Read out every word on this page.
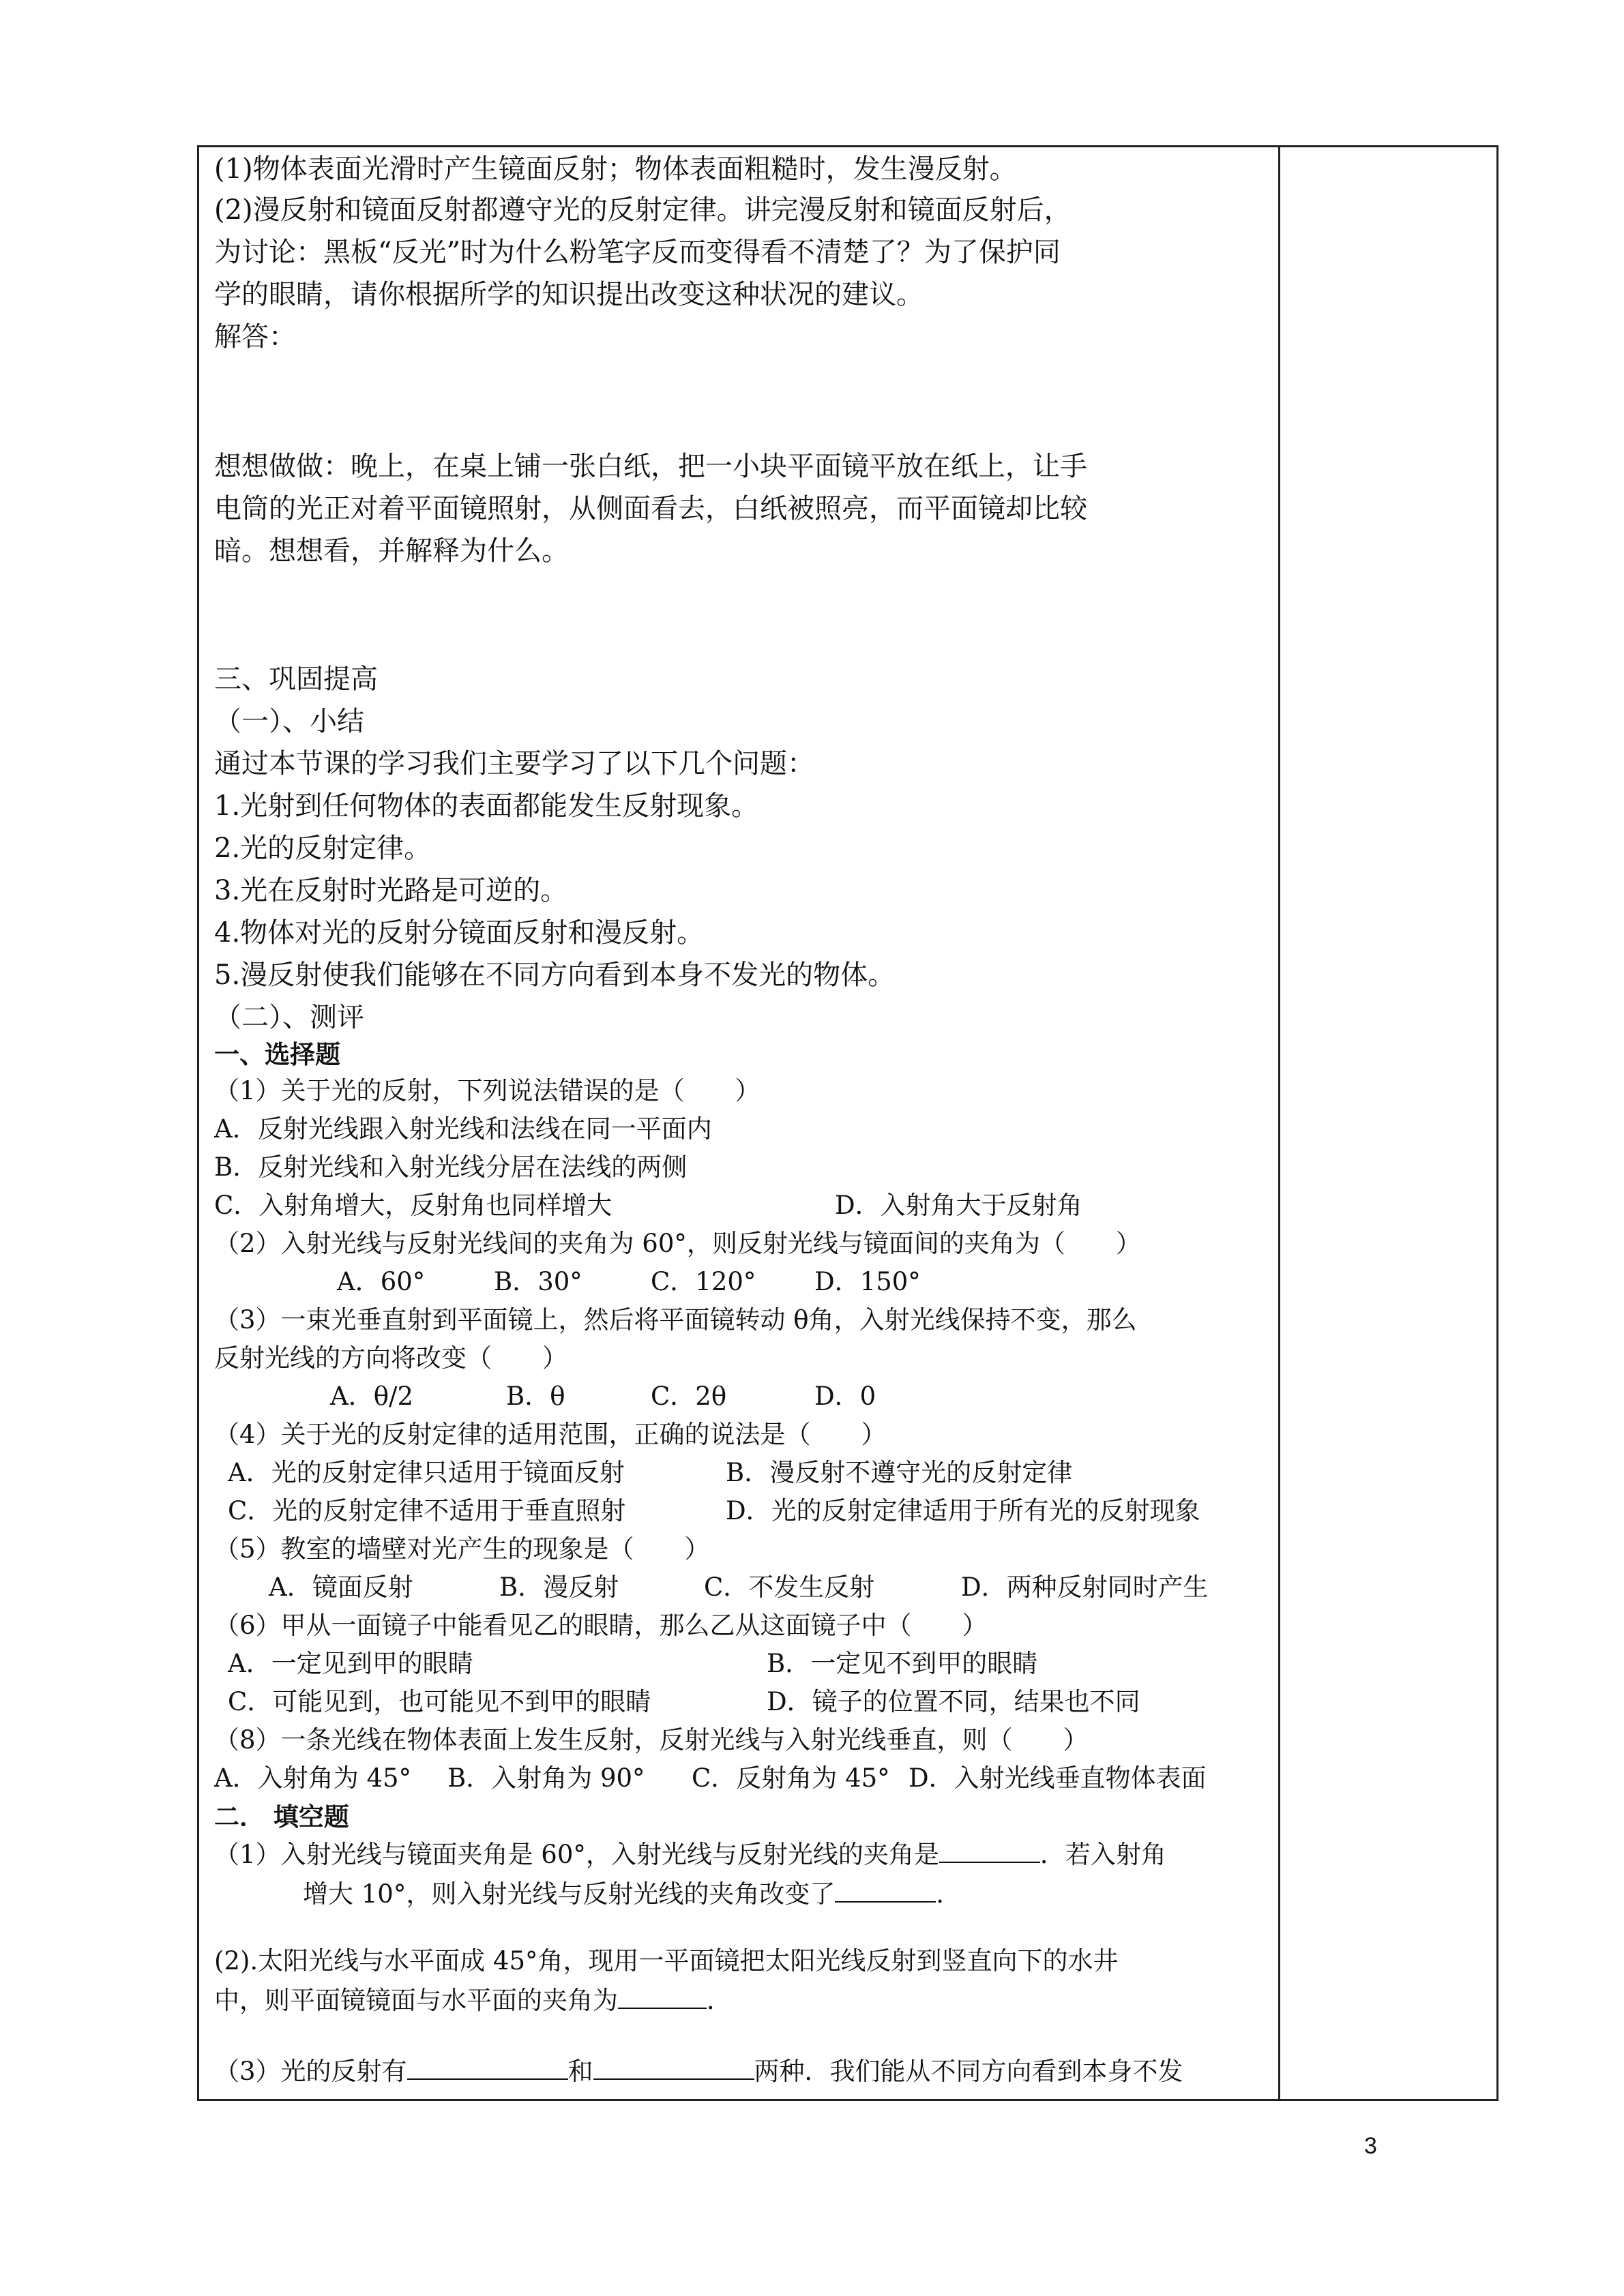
(1)物体表面光滑时产生镜面反射；物体表面粗糙时，发生漫反射。
(2)漫反射和镜面反射都遵守光的反射定律。讲完漫反射和镜面反射后，
为讨论：黑板“反光”时为什么粉笔字反而变得看不清楚了？为了保护同
学的眼睛，请你根据所学的知识提出改变这种状况的建议。
解答：
想想做做：晚上，在桌上铺一张白纸，把一小块平面镜平放在纸上，让手
电筒的光正对着平面镜照射，从侧面看去，白纸被照亮，而平面镜却比较
暗。想想看，并解释为什么。
三、巩固提高
（一）、小结
通过本节课的学习我们主要学习了以下几个问题：
1.光射到任何物体的表面都能发生反射现象。
2.光的反射定律。
3.光在反射时光路是可逆的。
4.物体对光的反射分镜面反射和漫反射。
5.漫反射使我们能够在不同方向看到本身不发光的物体。
（二）、测评
一、选择题
（1）关于光的反射，下列说法错误的是（　　）
A．反射光线跟入射光线和法线在同一平面内
B．反射光线和入射光线分居在法线的两侧
C．入射角增大，反射角也同样增大	D．入射角大于反射角
（2）入射光线与反射光线间的夹角为 60°，则反射光线与镜面间的夹角为（　　）
A．60°	B．30°	C．120° D．150°
（3）一束光垂直射到平面镜上，然后将平面镜转动 θ角，入射光线保持不变，那么
反射光线的方向将改变（　　）
A．θ/2	B．θ	C．2θ	D．0
（4）关于光的反射定律的适用范围，正确的说法是（　　）
A．光的反射定律只适用于镜面反射	B．漫反射不遵守光的反射定律
C．光的反射定律不适用于垂直照射	D．光的反射定律适用于所有光的反射现象
（5）教室的墙壁对光产生的现象是（　　）
A．镜面反射	B．漫反射	C．不发生反射	D．两种反射同时产生
（6）甲从一面镜子中能看见乙的眼睛，那么乙从这面镜子中（　　）
A．一定见到甲的眼睛	B．一定见不到甲的眼睛
C．可能见到，也可能见不到甲的眼睛	D．镜子的位置不同，结果也不同
（8）一条光线在物体表面上发生反射，反射光线与入射光线垂直，则（　　）
A．入射角为 45° B．入射角为 90° C．反射角为 45° D．入射光线垂直物体表面
二． 填空题
（1）入射光线与镜面夹角是 60°，入射光线与反射光线的夹角是	．若入射角
增大 10°，则入射光线与反射光线的夹角改变了	．
(2).太阳光线与水平面成 45°角，现用一平面镜把太阳光线反射到竖直向下的水井
中，则平面镜镜面与水平面的夹角为	．
（3）光的反射有	和	两种．我们能从不同方向看到本身不发
3
